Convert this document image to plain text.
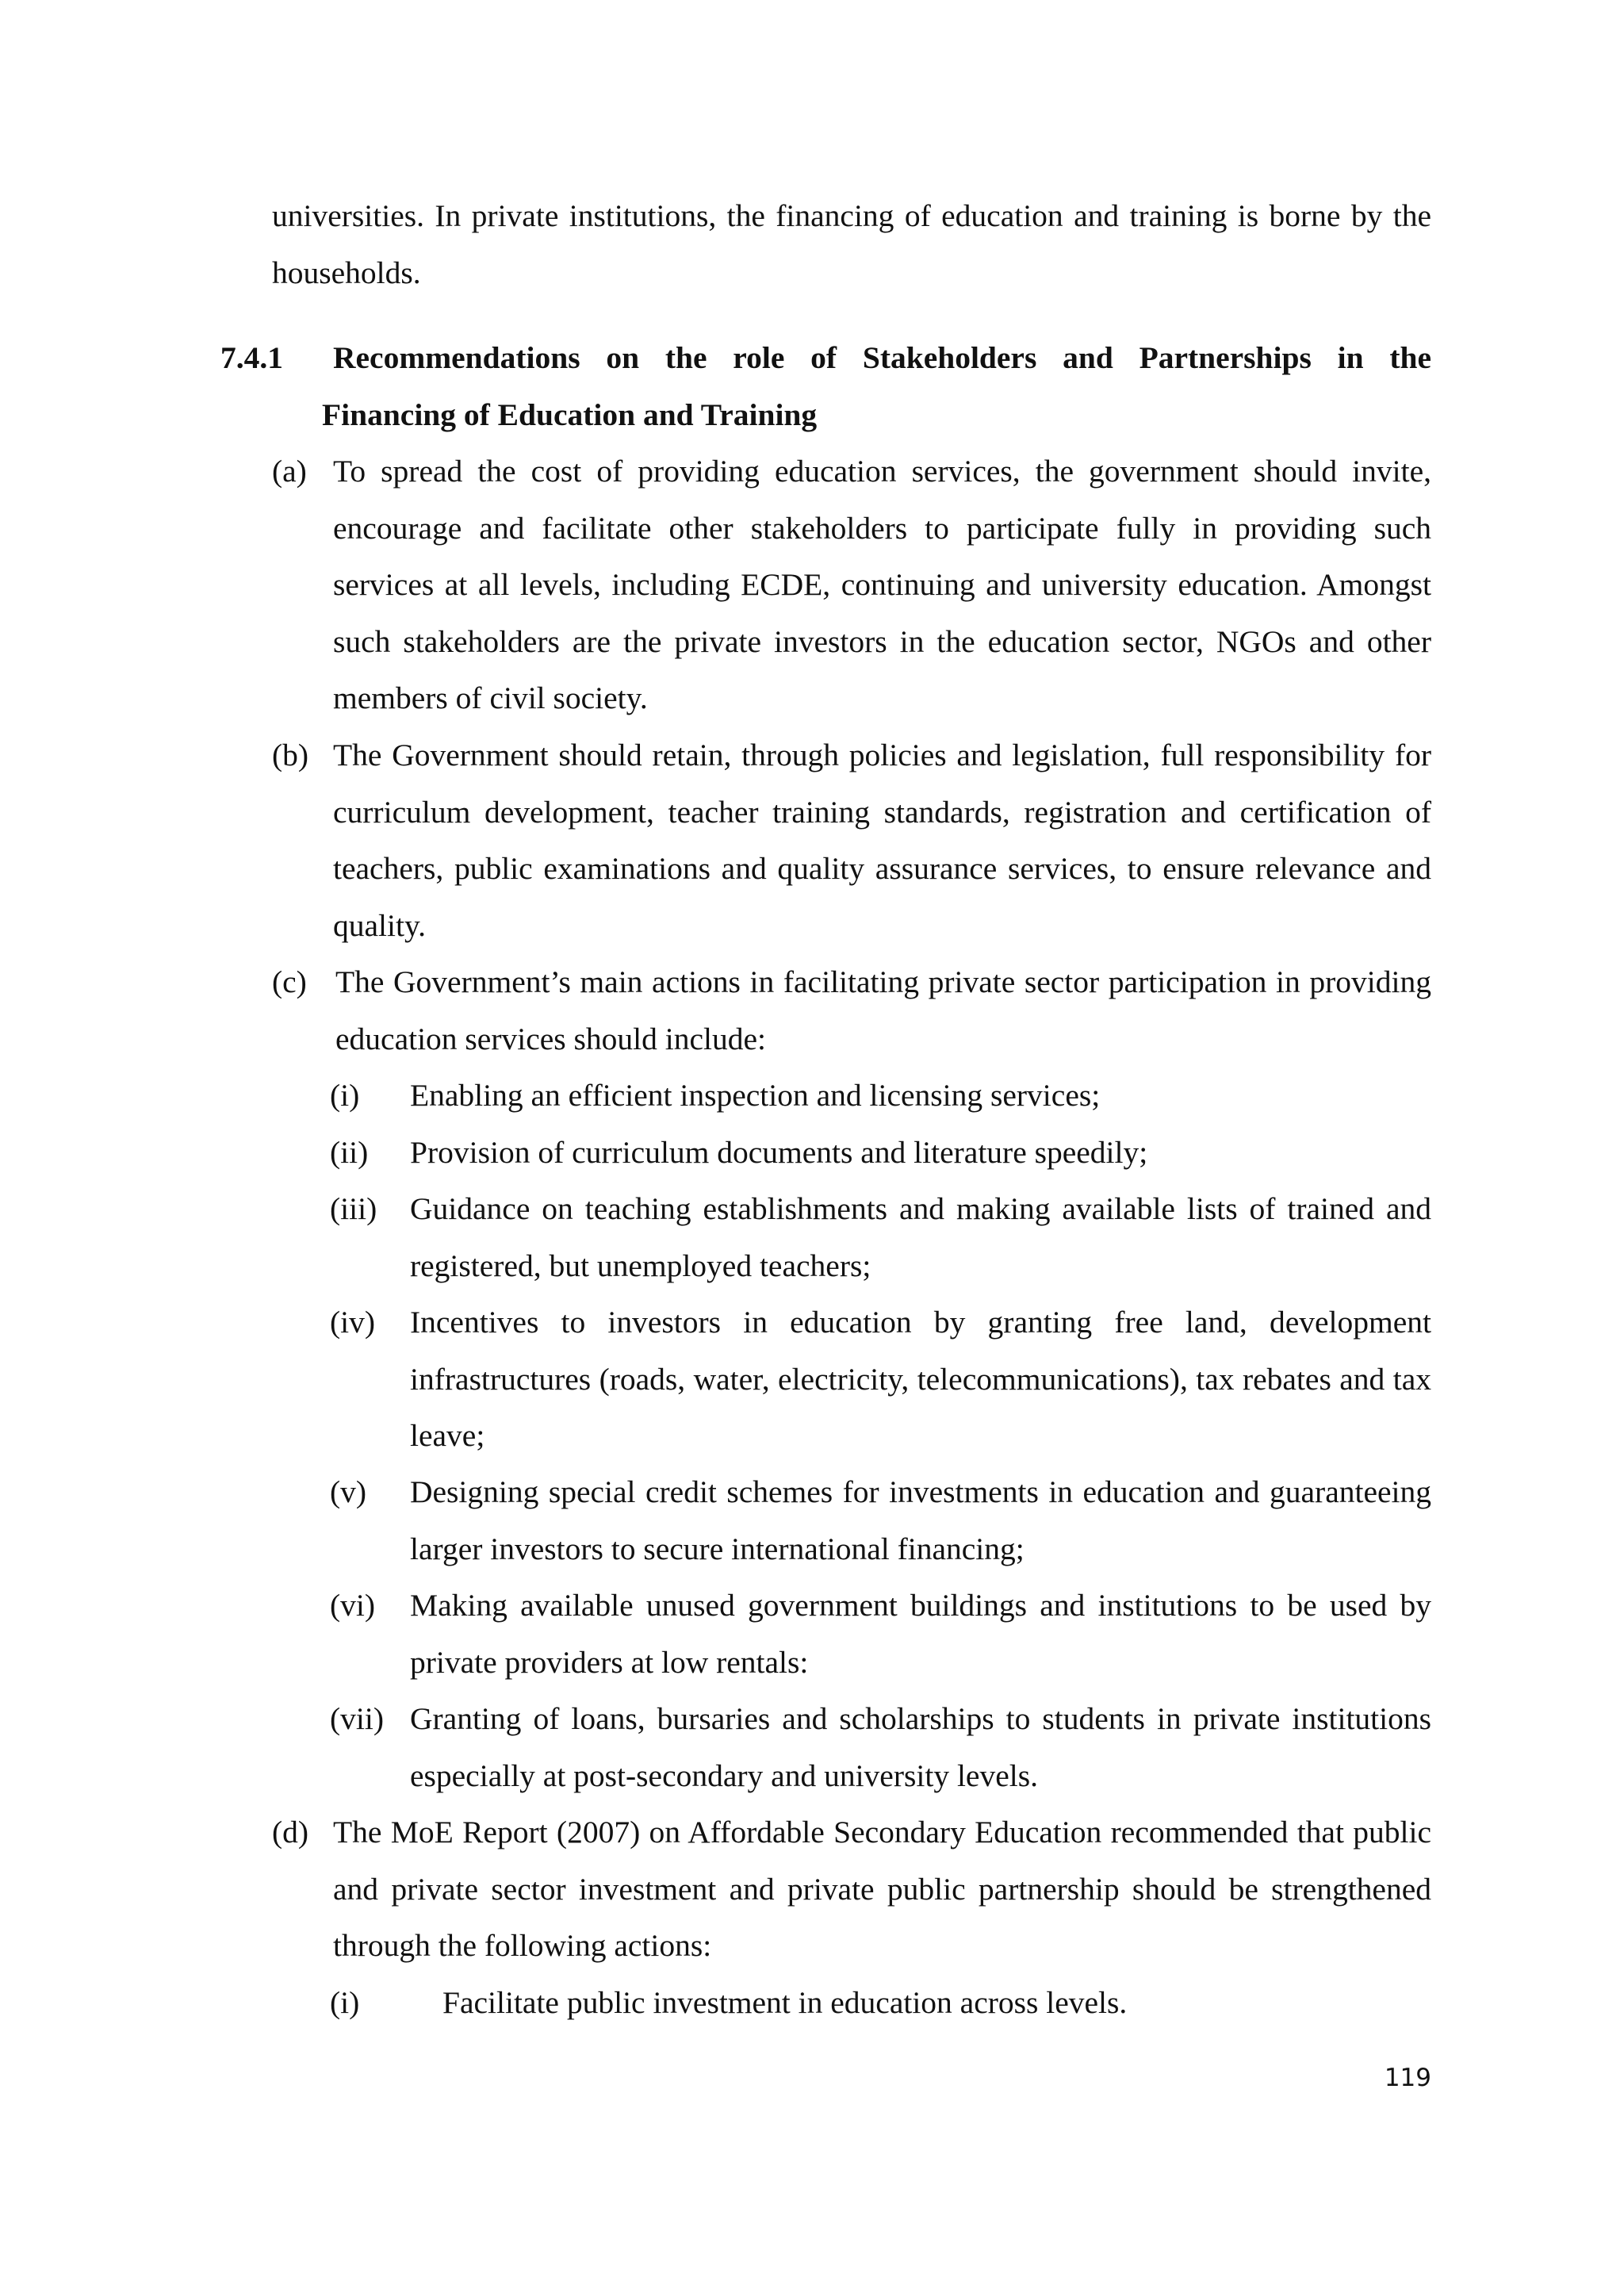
universities. In private institutions, the financing of education and training is borne by the households.
7.4.1 Recommendations on the role of Stakeholders and Partnerships in the
Financing of Education and Training
(a) To spread the cost of providing education services, the government should invite, encourage and facilitate other stakeholders to participate fully in providing such services at all levels, including ECDE, continuing and university education. Amongst such stakeholders are the private investors in the education sector, NGOs and other members of civil society.
(b) The Government should retain, through policies and legislation, full responsibility for curriculum development, teacher training standards, registration and certification of teachers, public examinations and quality assurance services, to ensure relevance and quality.
(c) The Government’s main actions in facilitating private sector participation in providing education services should include:
(i) Enabling an efficient inspection and licensing services;
(ii) Provision of curriculum documents and literature speedily;
(iii) Guidance on teaching establishments and making available lists of trained and registered, but unemployed teachers;
(iv) Incentives to investors in education by granting free land, development infrastructures (roads, water, electricity, telecommunications), tax rebates and tax leave;
(v) Designing special credit schemes for investments in education and guaranteeing larger investors to secure international financing;
(vi) Making available unused government buildings and institutions to be used by private providers at low rentals:
(vii) Granting of loans, bursaries and scholarships to students in private institutions especially at post-secondary and university levels.
(d) The MoE Report (2007) on Affordable Secondary Education recommended that public and private sector investment and private public partnership should be strengthened through the following actions:
(i)	Facilitate public investment in education across levels.
119
